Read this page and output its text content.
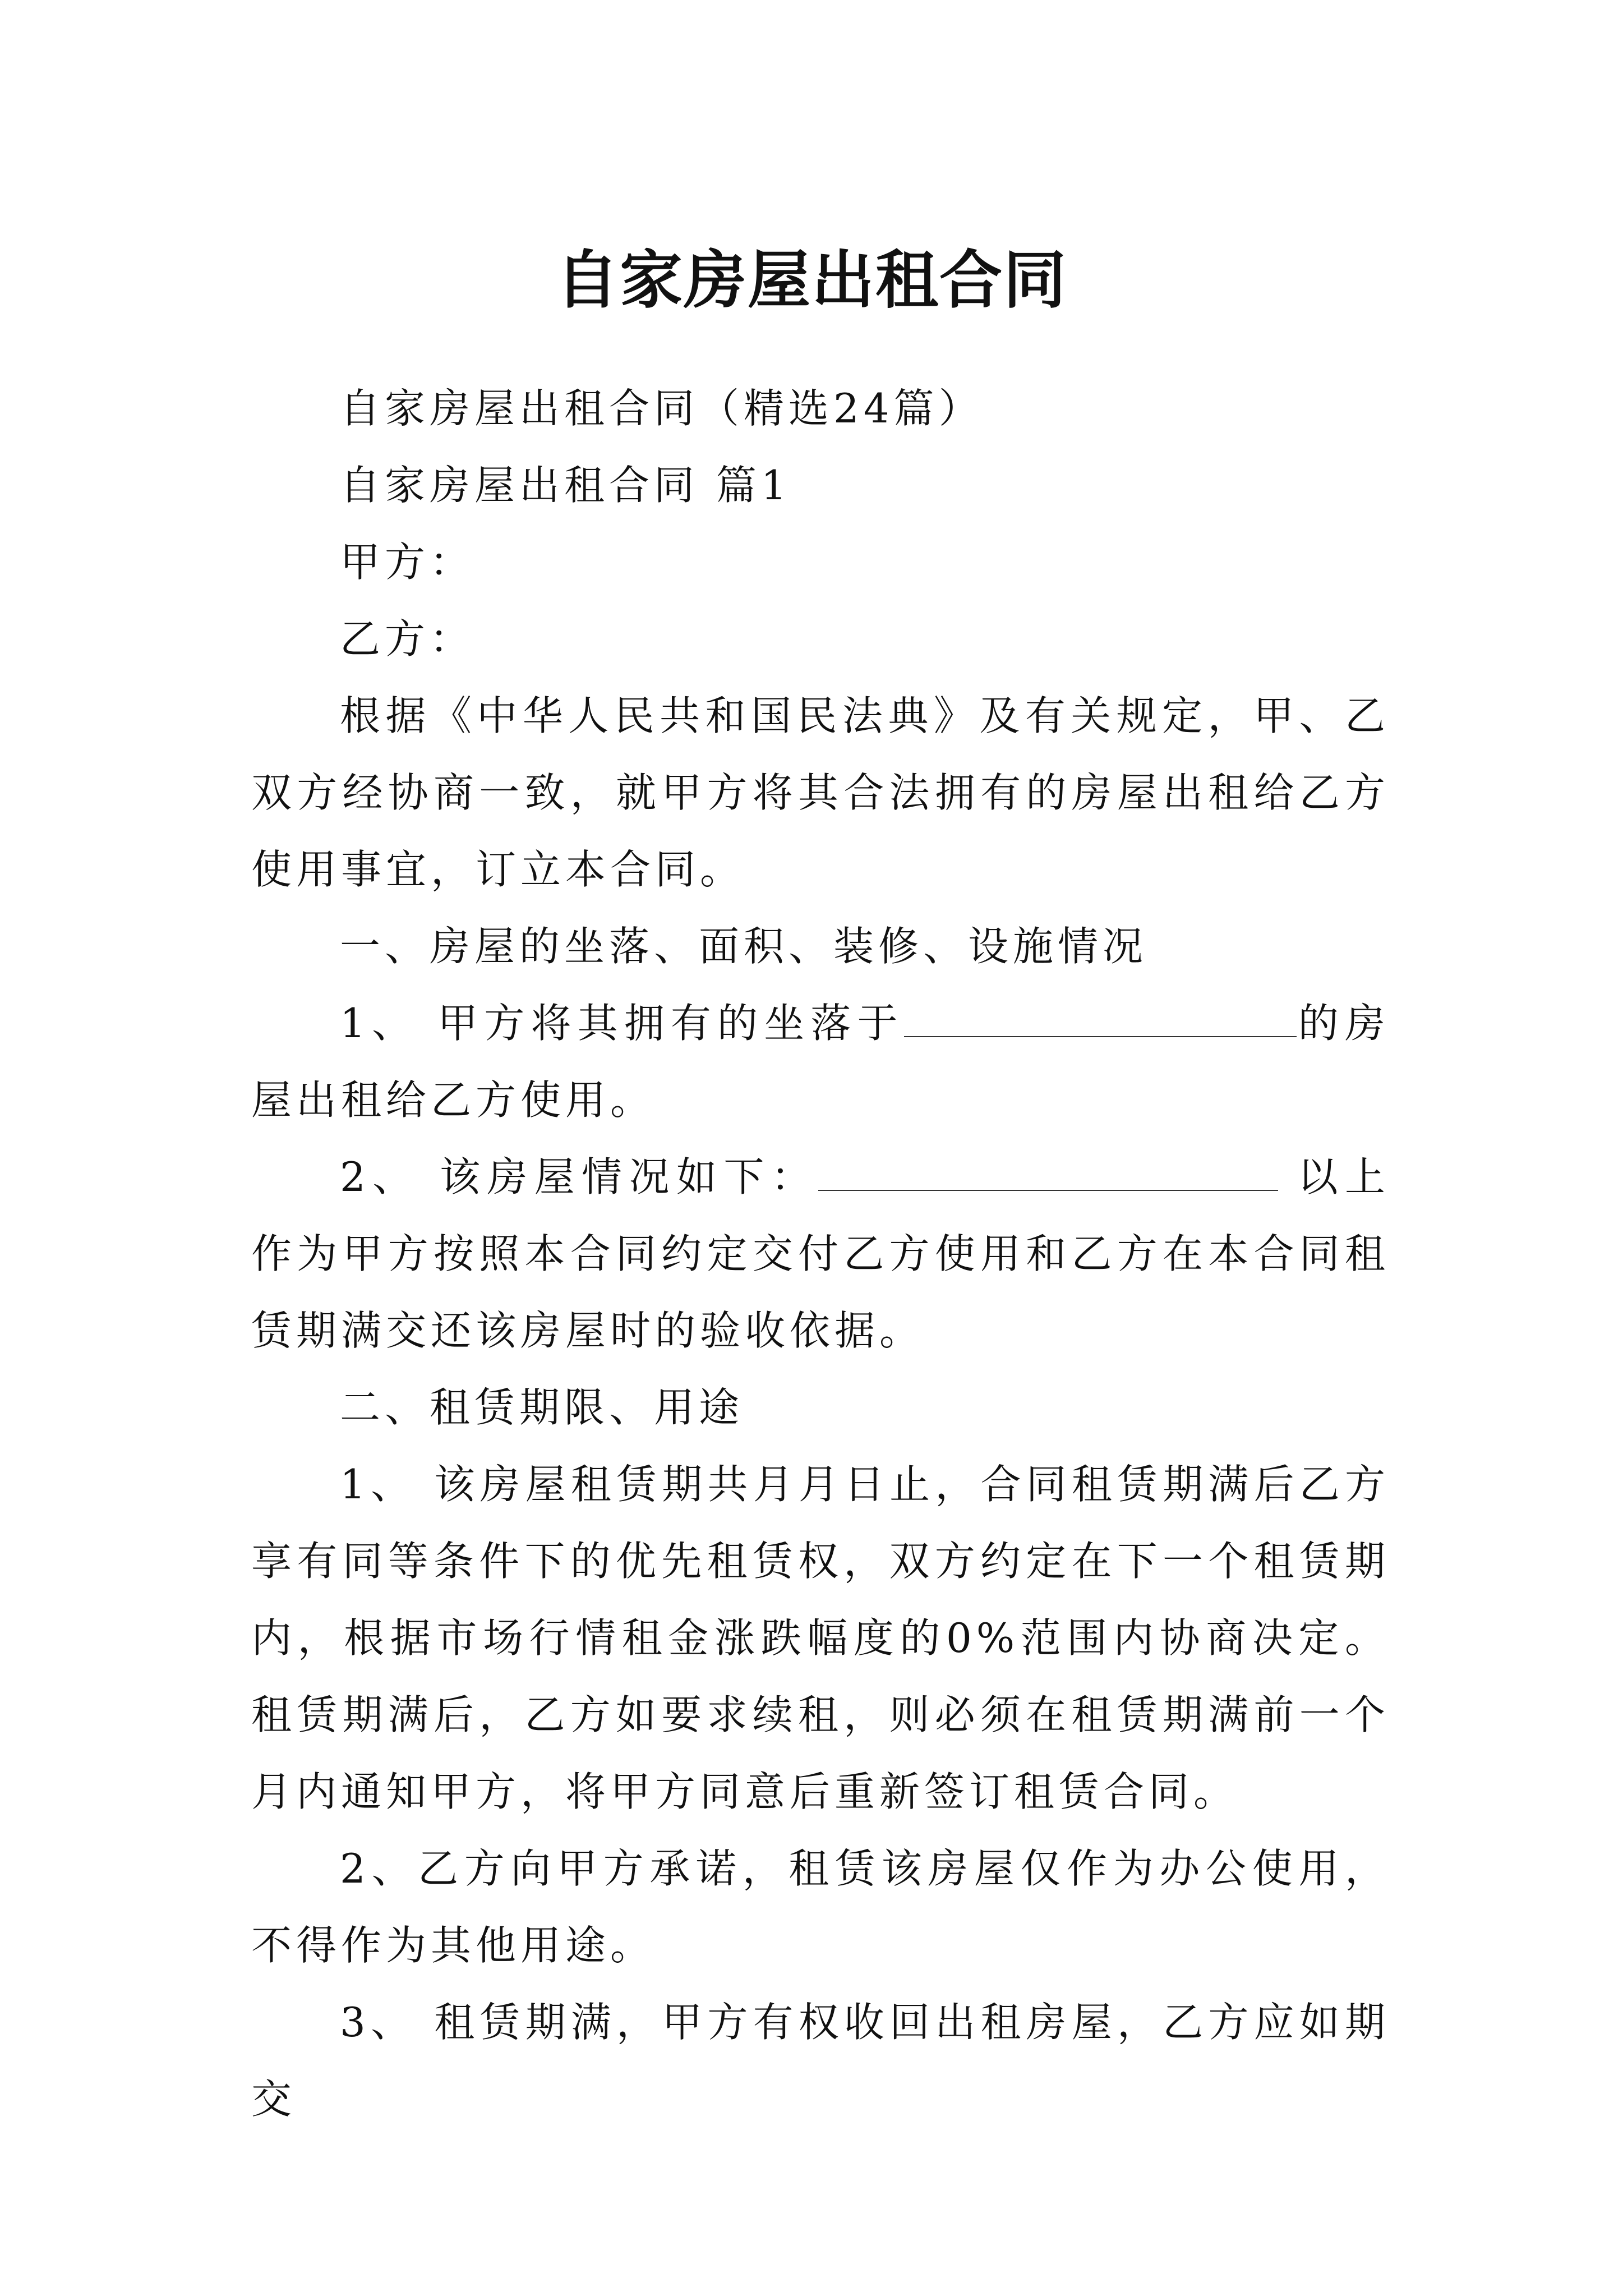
自家房屋出租合同

自家房屋出租合同（精选24篇）

自家房屋出租合同 篇1

甲方：

乙方：

根据《中华人民共和国民法典》及有关规定，甲、乙双方经协商一致，就甲方将其合法拥有的房屋出租给乙方使用事宜，订立本合同。

一、房屋的坐落、面积、装修、设施情况

1、 甲方将其拥有的坐落于	的房屋出租给乙方使用。

2、 该房屋情况如下：	以上作为甲方按照本合同约定交付乙方使用和乙方在本合同租赁期满交还该房屋时的验收依据。

二、租赁期限、用途

1、 该房屋租赁期共月月日止，合同租赁期满后乙方享有同等条件下的优先租赁权，双方约定在下一个租赁期内，根据市场行情租金涨跌幅度的0%范围内协商决定。租赁期满后，乙方如要求续租，则必须在租赁期满前一个月内通知甲方，将甲方同意后重新签订租赁合同。

2、乙方向甲方承诺，租赁该房屋仅作为办公使用，不得作为其他用途。

3、 租赁期满，甲方有权收回出租房屋，乙方应如期交
